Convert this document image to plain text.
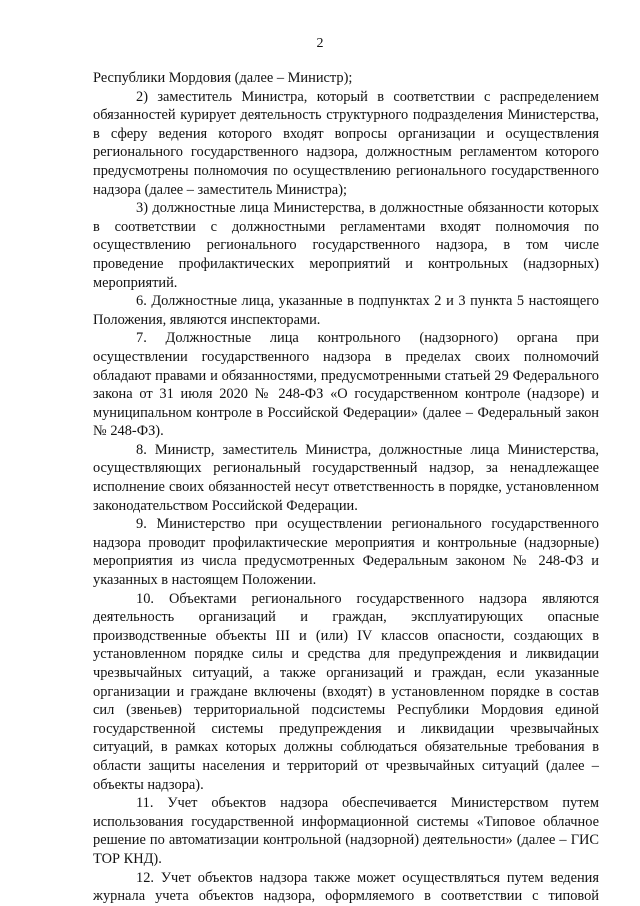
2

Республики Мордовия (далее – Министр);

2) заместитель Министра, который в соответствии с распределением обязанностей курирует деятельность структурного подразделения Министерства, в сферу ведения которого входят вопросы организации и осуществления регионального государственного надзора, должностным регламентом которого предусмотрены полномочия по осуществлению регионального государственного надзора (далее – заместитель Министра);

3) должностные лица Министерства, в должностные обязанности которых в соответствии с должностными регламентами входят полномочия по осуществлению регионального государственного надзора, в том числе проведение профилактических мероприятий и контрольных (надзорных) мероприятий.

6. Должностные лица, указанные в подпунктах 2 и 3 пункта 5 настоящего Положения, являются инспекторами.

7. Должностные лица контрольного (надзорного) органа при осуществлении государственного надзора в пределах своих полномочий обладают правами и обязанностями, предусмотренными статьей 29 Федерального закона от 31 июля 2020 № 248-ФЗ «О государственном контроле (надзоре) и муниципальном контроле в Российской Федерации» (далее – Федеральный закон № 248-ФЗ).

8. Министр, заместитель Министра, должностные лица Министерства, осуществляющих региональный государственный надзор, за ненадлежащее исполнение своих обязанностей несут ответственность в порядке, установленном законодательством Российской Федерации.

9. Министерство при осуществлении регионального государственного надзора проводит профилактические мероприятия и контрольные (надзорные) мероприятия из числа предусмотренных Федеральным законом № 248-ФЗ и указанных в настоящем Положении.

10. Объектами регионального государственного надзора являются деятельность организаций и граждан, эксплуатирующих опасные производственные объекты III и (или) IV классов опасности, создающих в установленном порядке силы и средства для предупреждения и ликвидации чрезвычайных ситуаций, а также организаций и граждан, если указанные организации и граждане включены (входят) в установленном порядке в состав сил (звеньев) территориальной подсистемы Республики Мордовия единой государственной системы предупреждения и ликвидации чрезвычайных ситуаций, в рамках которых должны соблюдаться обязательные требования в области защиты населения и территорий от чрезвычайных ситуаций (далее – объекты надзора).

11. Учет объектов надзора обеспечивается Министерством путем использования государственной информационной системы «Типовое облачное решение по автоматизации контрольной (надзорной) деятельности» (далее – ГИС ТОР КНД).

12. Учет объектов надзора также может осуществляться путем ведения журнала учета объектов надзора, оформляемого в соответствии с типовой
